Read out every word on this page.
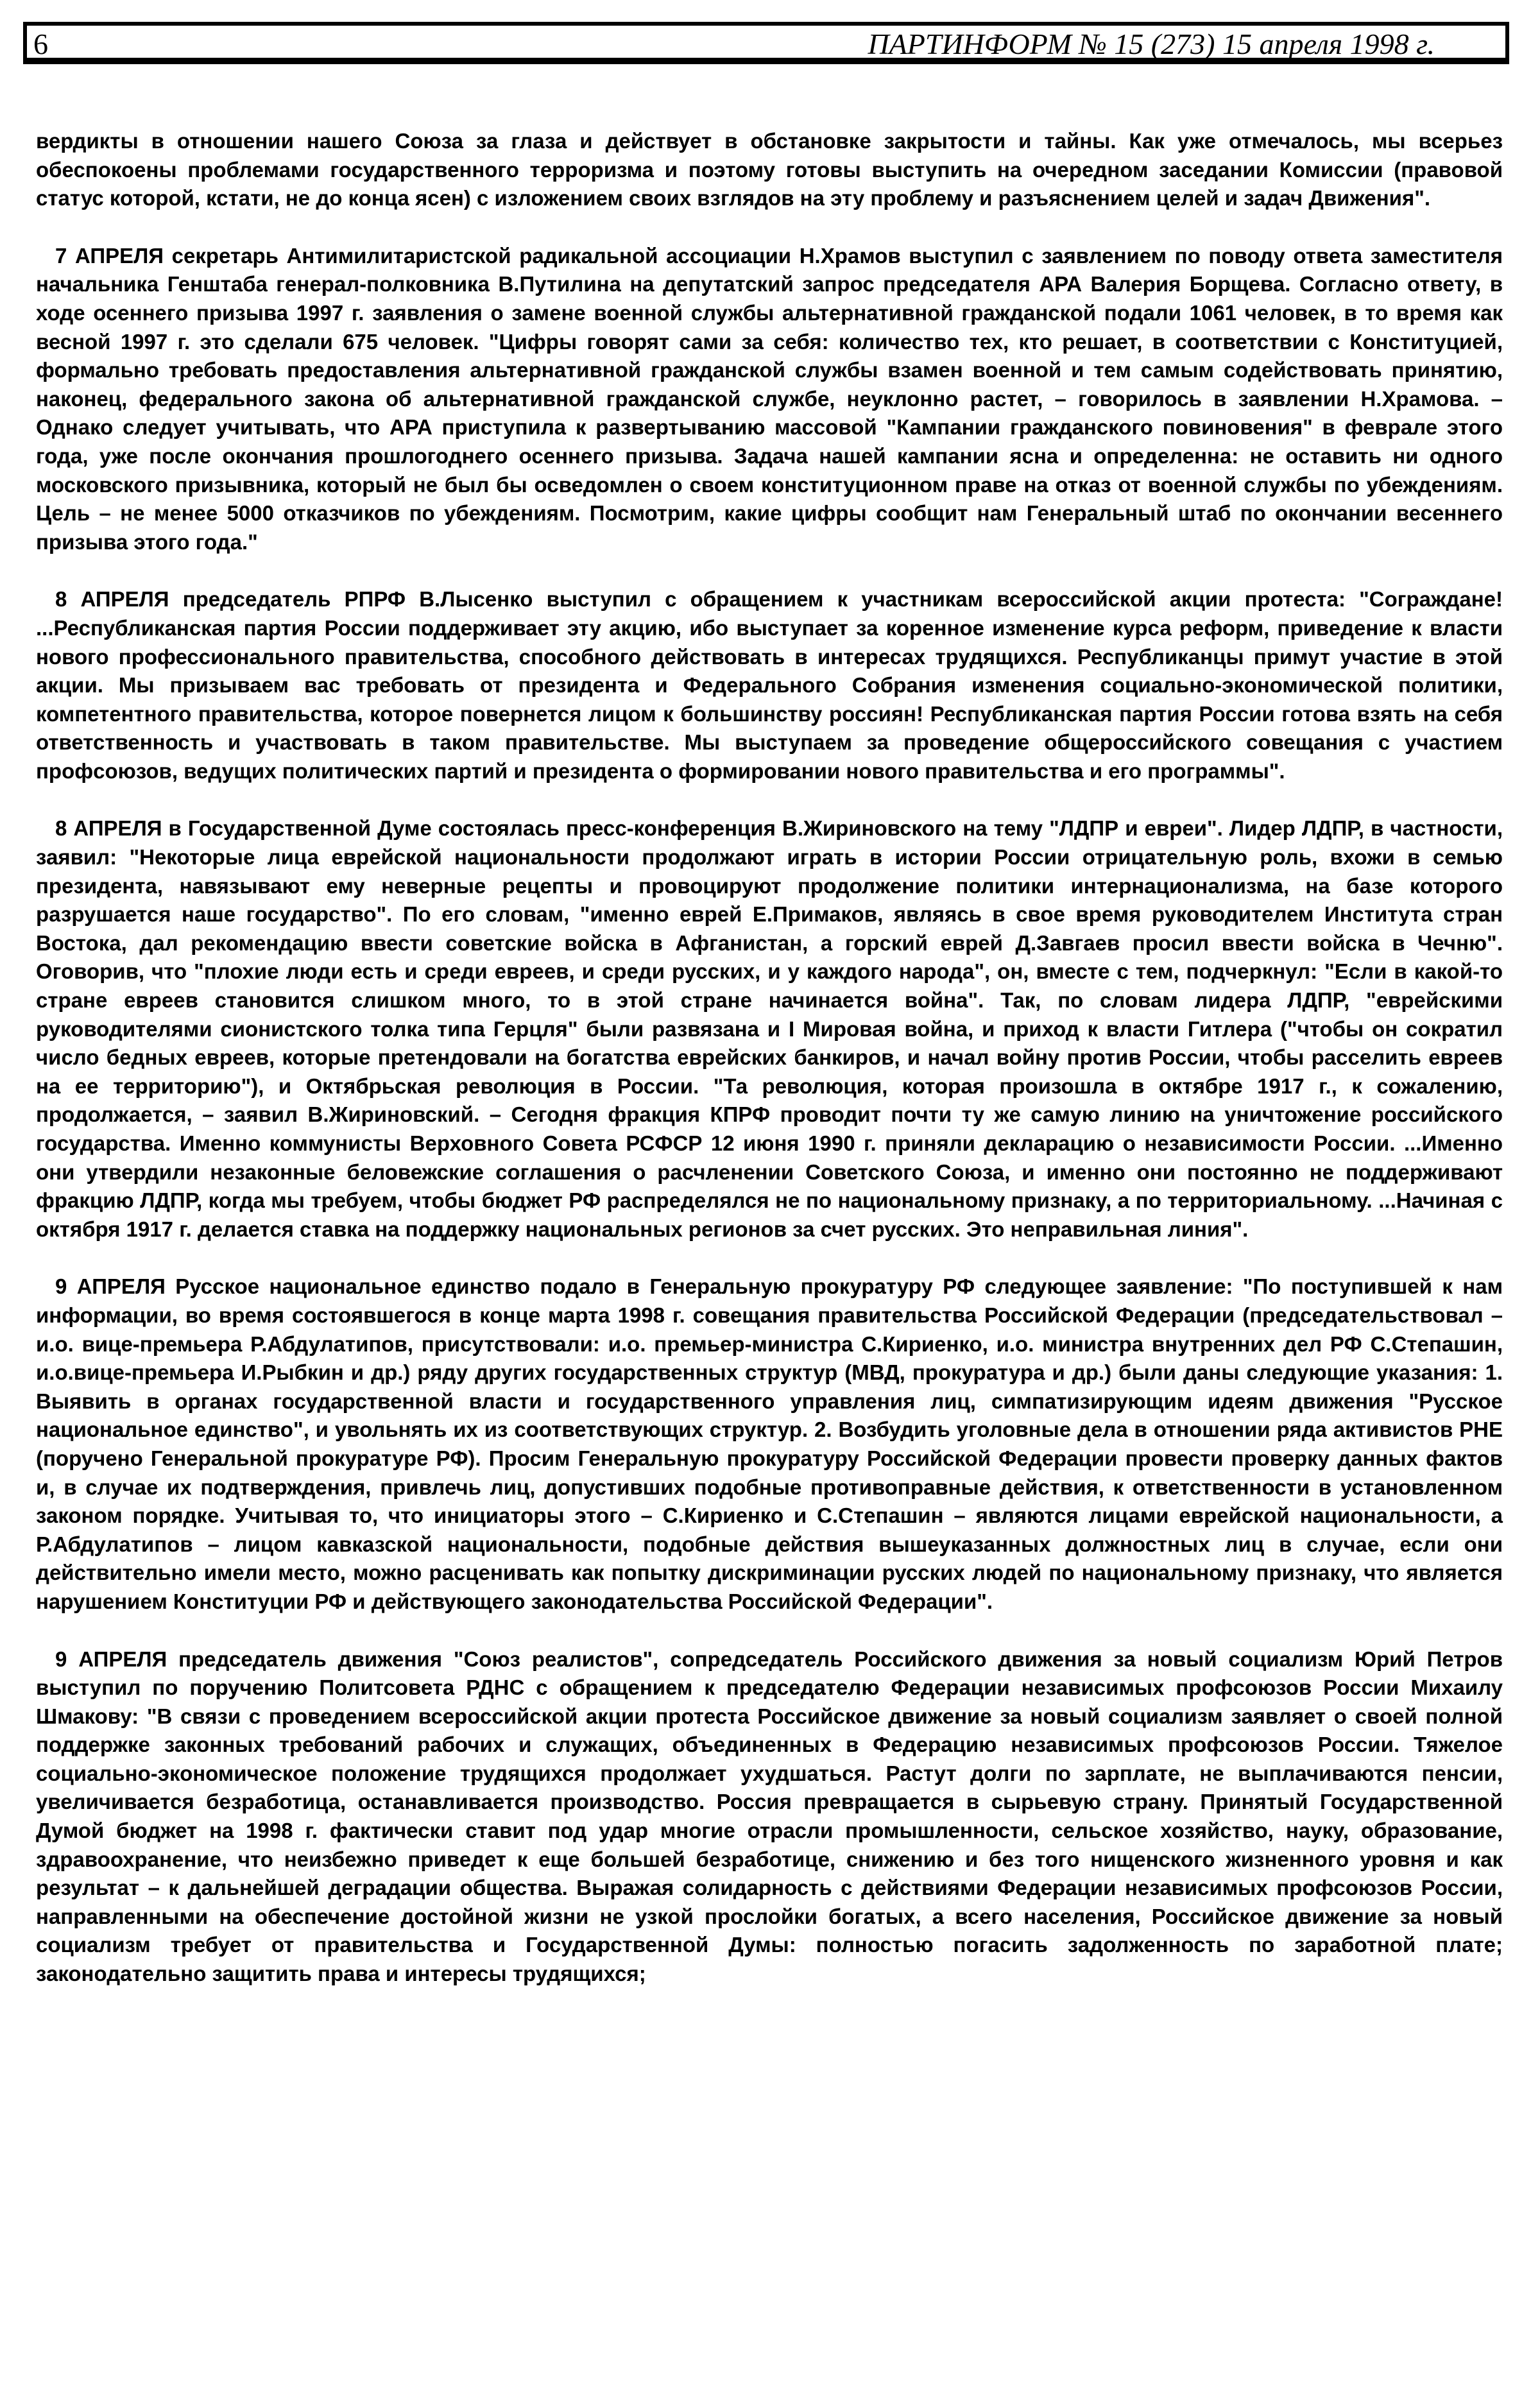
6	ПАРТИНФОРМ № 15 (273) 15 апреля 1998 г.

вердикты в отношении нашего Союза за глаза и действует в обстановке закрытости и тайны. Как уже отмечалось, мы всерьез обеспокоены проблемами государственного терроризма и поэтому готовы выступить на очередном заседании Комиссии (правовой статус которой, кстати, не до конца ясен) с изложением своих взглядов на эту проблему и разъяснением целей и задач Движения".

7 АПРЕЛЯ секретарь Антимилитаристской радикальной ассоциации Н.Храмов выступил с заявлением по поводу ответа заместителя начальника Генштаба генерал-полковника В.Путилина на депутатский запрос председателя АРА Валерия Борщева. Согласно ответу, в ходе осеннего призыва 1997 г. заявления о замене военной службы альтернативной гражданской подали 1061 человек, в то время как весной 1997 г. это сделали 675 человек. "Цифры говорят сами за себя: количество тех, кто решает, в соответствии с Конституцией, формально требовать предоставления альтернативной гражданской службы взамен военной и тем самым содействовать принятию, наконец, федерального закона об альтернативной гражданской службе, неуклонно растет, – говорилось в заявлении Н.Храмова. – Однако следует учитывать, что АРА приступила к развертыванию массовой "Кампании гражданского повиновения" в феврале этого года, уже после окончания прошлогоднего осеннего призыва. Задача нашей кампании ясна и определенна: не оставить ни одного московского призывника, который не был бы осведомлен о своем конституционном праве на отказ от военной службы по убеждениям. Цель – не менее 5000 отказчиков по убеждениям. Посмотрим, какие цифры сообщит нам Генеральный штаб по окончании весеннего призыва этого года."

8 АПРЕЛЯ председатель РПРФ В.Лысенко выступил с обращением к участникам всероссийской акции протеста: "Сограждане! ...Республиканская партия России поддерживает эту акцию, ибо выступает за коренное изменение курса реформ, приведение к власти нового профессионального правительства, способного действовать в интересах трудящихся. Республиканцы примут участие в этой акции. Мы призываем вас требовать от президента и Федерального Собрания изменения социально-экономической политики, компетентного правительства, которое повернется лицом к большинству россиян! Республиканская партия России готова взять на себя ответственность и участвовать в таком правительстве. Мы выступаем за проведение общероссийского совещания с участием профсоюзов, ведущих политических партий и президента о формировании нового правительства и его программы".

8 АПРЕЛЯ в Государственной Думе состоялась пресс-конференция В.Жириновского на тему "ЛДПР и евреи". Лидер ЛДПР, в частности, заявил: "Некоторые лица еврейской национальности продолжают играть в истории России отрицательную роль, вхожи в семью президента, навязывают ему неверные рецепты и провоцируют продолжение политики интернационализма, на базе которого разрушается наше государство". По его словам, "именно еврей Е.Примаков, являясь в свое время руководителем Института стран Востока, дал рекомендацию ввести советские войска в Афганистан, а горский еврей Д.Завгаев просил ввести войска в Чечню". Оговорив, что "плохие люди есть и среди евреев, и среди русских, и у каждого народа", он, вместе с тем, подчеркнул: "Если в какой-то стране евреев становится слишком много, то в этой стране начинается война". Так, по словам лидера ЛДПР, "еврейскими руководителями сионистского толка типа Герцля" были развязана и I Мировая война, и приход к власти Гитлера ("чтобы он сократил число бедных евреев, которые претендовали на богатства еврейских банкиров, и начал войну против России, чтобы расселить евреев на ее территорию"), и Октябрьская революция в России. "Та революция, которая произошла в октябре 1917 г., к сожалению, продолжается, – заявил В.Жириновский. – Сегодня фракция КПРФ проводит почти ту же самую линию на уничтожение российского государства. Именно коммунисты Верховного Совета РСФСР 12 июня 1990 г. приняли декларацию о независимости России. ...Именно они утвердили незаконные беловежские соглашения о расчленении Советского Союза, и именно они постоянно не поддерживают фракцию ЛДПР, когда мы требуем, чтобы бюджет РФ распределялся не по национальному признаку, а по территориальному. ...Начиная с октября 1917 г. делается ставка на поддержку национальных регионов за счет русских. Это неправильная линия".

9 АПРЕЛЯ Русское национальное единство подало в Генеральную прокуратуру РФ следующее заявление: "По поступившей к нам информации, во время состоявшегося в конце марта 1998 г. совещания правительства Российской Федерации (председательствовал – и.о. вице-премьера Р.Абдулатипов, присутствовали: и.о. премьер-министра С.Кириенко, и.о. министра внутренних дел РФ С.Степашин, и.о.вице-премьера И.Рыбкин и др.) ряду других государственных структур (МВД, прокуратура и др.) были даны следующие указания: 1. Выявить в органах государственной власти и государственного управления лиц, симпатизирующим идеям движения "Русское национальное единство", и увольнять их из соответствующих структур. 2. Возбудить уголовные дела в отношении ряда активистов РНЕ (поручено Генеральной прокуратуре РФ). Просим Генеральную прокуратуру Российской Федерации провести проверку данных фактов и, в случае их подтверждения, привлечь лиц, допустивших подобные противоправные действия, к ответственности в установленном законом порядке. Учитывая то, что инициаторы этого – С.Кириенко и С.Степашин – являются лицами еврейской национальности, а Р.Абдулатипов – лицом кавказской национальности, подобные действия вышеуказанных должностных лиц в случае, если они действительно имели место, можно расценивать как попытку дискриминации русских людей по национальному признаку, что является нарушением Конституции РФ и действующего законодательства Российской Федерации".

9 АПРЕЛЯ председатель движения "Союз реалистов", сопредседатель Российского движения за новый социализм Юрий Петров выступил по поручению Политсовета РДНС с обращением к председателю Федерации независимых профсоюзов России Михаилу Шмакову: "В связи с проведением всероссийской акции протеста Российское движение за новый социализм заявляет о своей полной поддержке законных требований рабочих и служащих, объединенных в Федерацию независимых профсоюзов России. Тяжелое социально-экономическое положение трудящихся продолжает ухудшаться. Растут долги по зарплате, не выплачиваются пенсии, увеличивается безработица, останавливается производство. Россия превращается в сырьевую страну. Принятый Государственной Думой бюджет на 1998 г. фактически ставит под удар многие отрасли промышленности, сельское хозяйство, науку, образование, здравоохранение, что неизбежно приведет к еще большей безработице, снижению и без того нищенского жизненного уровня и как результат – к дальнейшей деградации общества. Выражая солидарность с действиями Федерации независимых профсоюзов России, направленными на обеспечение достойной жизни не узкой прослойки богатых, а всего населения, Российское движение за новый социализм требует от правительства и Государственной Думы: полностью погасить задолженность по заработной плате; законодательно защитить права и интересы трудящихся;
